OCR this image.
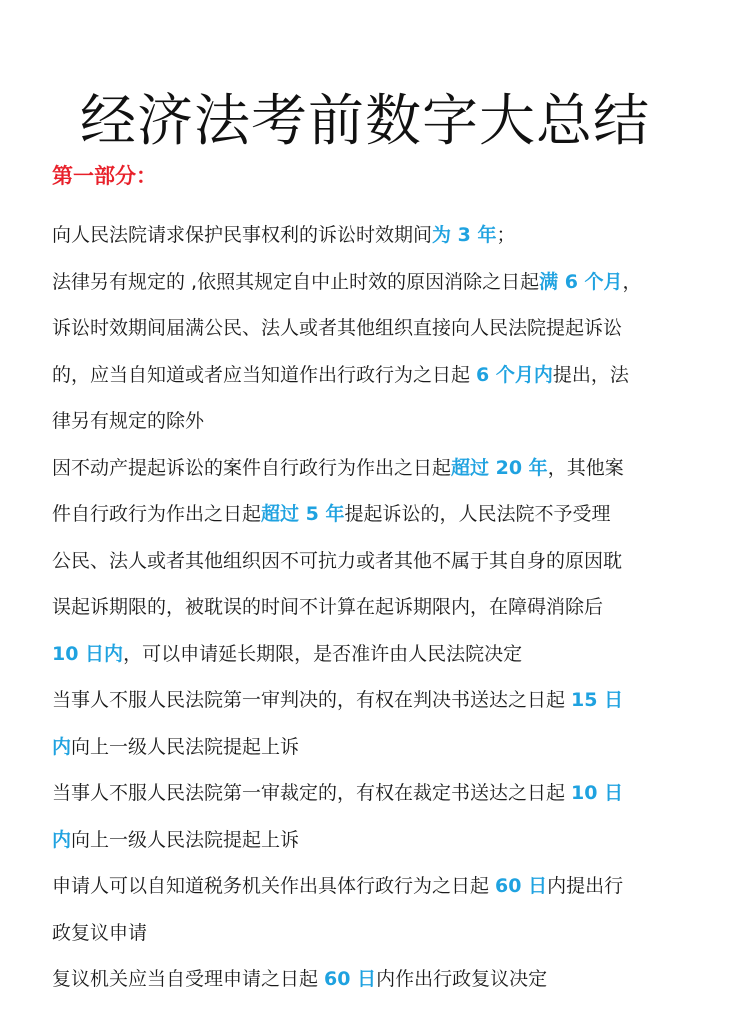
经济法考前数字大总结
第一部分：
向人民法院请求保护民事权利的诉讼时效期间为 3 年；
法律另有规定的 ,依照其规定自中止时效的原因消除之日起满 6 个月，
诉讼时效期间届满公民、法人或者其他组织直接向人民法院提起诉讼
的，应当自知道或者应当知道作出行政行为之日起 6 个月内提出，法
律另有规定的除外
因不动产提起诉讼的案件自行政行为作出之日起超过 20 年，其他案
件自行政行为作出之日起超过 5 年提起诉讼的，人民法院不予受理
公民、法人或者其他组织因不可抗力或者其他不属于其自身的原因耽
误起诉期限的，被耽误的时间不计算在起诉期限内，在障碍消除后
10 日内，可以申请延长期限，是否准许由人民法院决定
当事人不服人民法院第一审判决的，有权在判决书送达之日起 15 日
内向上一级人民法院提起上诉
当事人不服人民法院第一审裁定的，有权在裁定书送达之日起 10 日
内向上一级人民法院提起上诉
申请人可以自知道税务机关作出具体行政行为之日起 60 日内提出行
政复议申请
复议机关应当自受理申请之日起 60 日内作出行政复议决定
